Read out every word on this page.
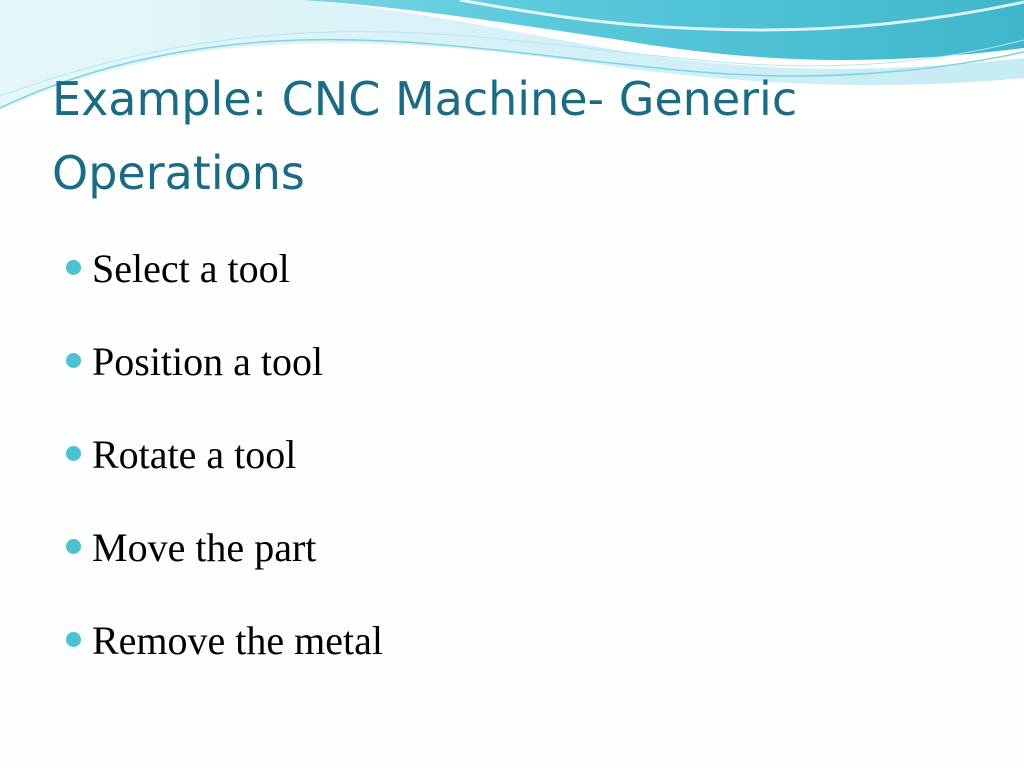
Example: CNC Machine- Generic
Operations
Select a tool
Position a tool
Rotate a tool
Move the part
Remove the metal
